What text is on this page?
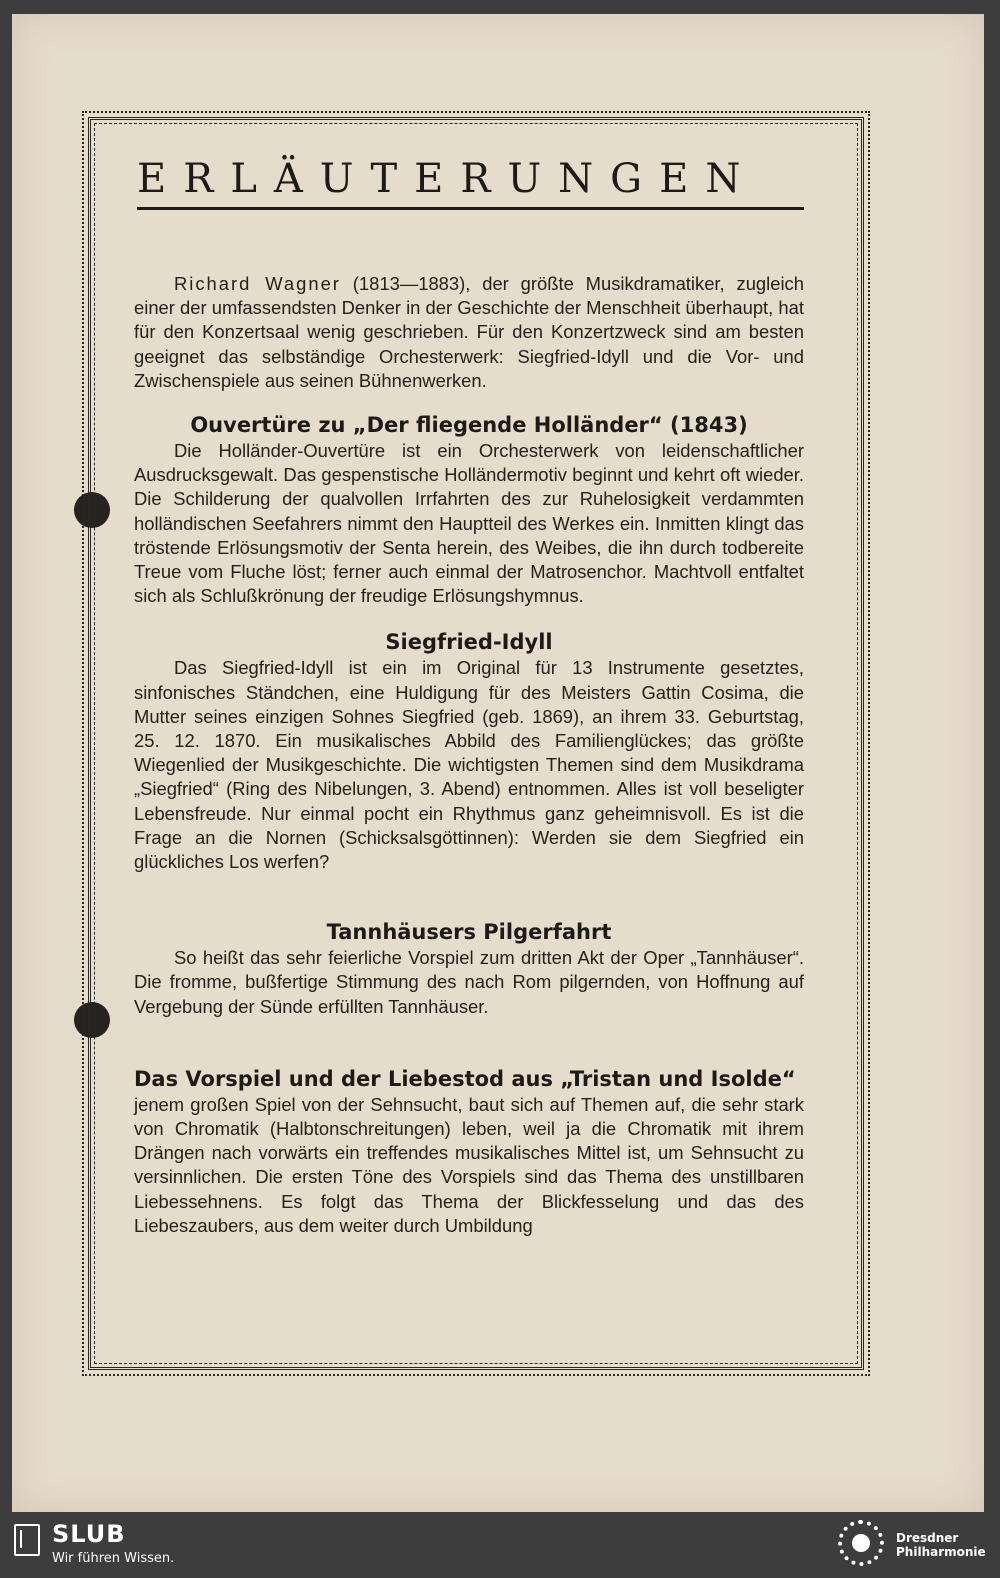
ERLÄUTERUNGEN

Richard Wagner (1813—1883), der größte Musikdramatiker, zugleich einer der umfassendsten Denker in der Geschichte der Menschheit überhaupt, hat für den Konzertsaal wenig geschrieben. Für den Konzertzweck sind am besten geeignet das selbständige Orchesterwerk: Siegfried-Idyll und die Vor- und Zwischenspiele aus seinen Bühnenwerken.

Ouvertüre zu „Der fliegende Holländer“ (1843)

Die Holländer-Ouvertüre ist ein Orchesterwerk von leidenschaftlicher Ausdrucksgewalt. Das gespenstische Holländermotiv beginnt und kehrt oft wieder. Die Schilderung der qualvollen Irrfahrten des zur Ruhelosigkeit verdammten holländischen Seefahrers nimmt den Hauptteil des Werkes ein. Inmitten klingt das tröstende Erlösungsmotiv der Senta herein, des Weibes, die ihn durch todbereite Treue vom Fluche löst; ferner auch einmal der Matrosenchor. Machtvoll entfaltet sich als Schlußkrönung der freudige Erlösungshymnus.

Siegfried-Idyll

Das Siegfried-Idyll ist ein im Original für 13 Instrumente gesetztes, sinfonisches Ständchen, eine Huldigung für des Meisters Gattin Cosima, die Mutter seines einzigen Sohnes Siegfried (geb. 1869), an ihrem 33. Geburtstag, 25. 12. 1870. Ein musikalisches Abbild des Familienglückes; das größte Wiegenlied der Musikgeschichte. Die wichtigsten Themen sind dem Musikdrama „Siegfried“ (Ring des Nibelungen, 3. Abend) entnommen. Alles ist voll beseligter Lebensfreude. Nur einmal pocht ein Rhythmus ganz geheimnisvoll. Es ist die Frage an die Nornen (Schicksalsgöttinnen): Werden sie dem Siegfried ein glückliches Los werfen?

Tannhäusers Pilgerfahrt

So heißt das sehr feierliche Vorspiel zum dritten Akt der Oper „Tannhäuser“. Die fromme, bußfertige Stimmung des nach Rom pilgernden, von Hoffnung auf Vergebung der Sünde erfüllten Tannhäuser.

Das Vorspiel und der Liebestod aus „Tristan und Isolde“

jenem großen Spiel von der Sehnsucht, baut sich auf Themen auf, die sehr stark von Chromatik (Halbtonschreitungen) leben, weil ja die Chromatik mit ihrem Drängen nach vorwärts ein treffendes musikalisches Mittel ist, um Sehnsucht zu versinnlichen. Die ersten Töne des Vorspiels sind das Thema des unstillbaren Liebessehnens. Es folgt das Thema der Blickfesselung und das des Liebeszaubers, aus dem weiter durch Umbildung

SLUB
Wir führen Wissen.
Dresdner
Philharmonie
